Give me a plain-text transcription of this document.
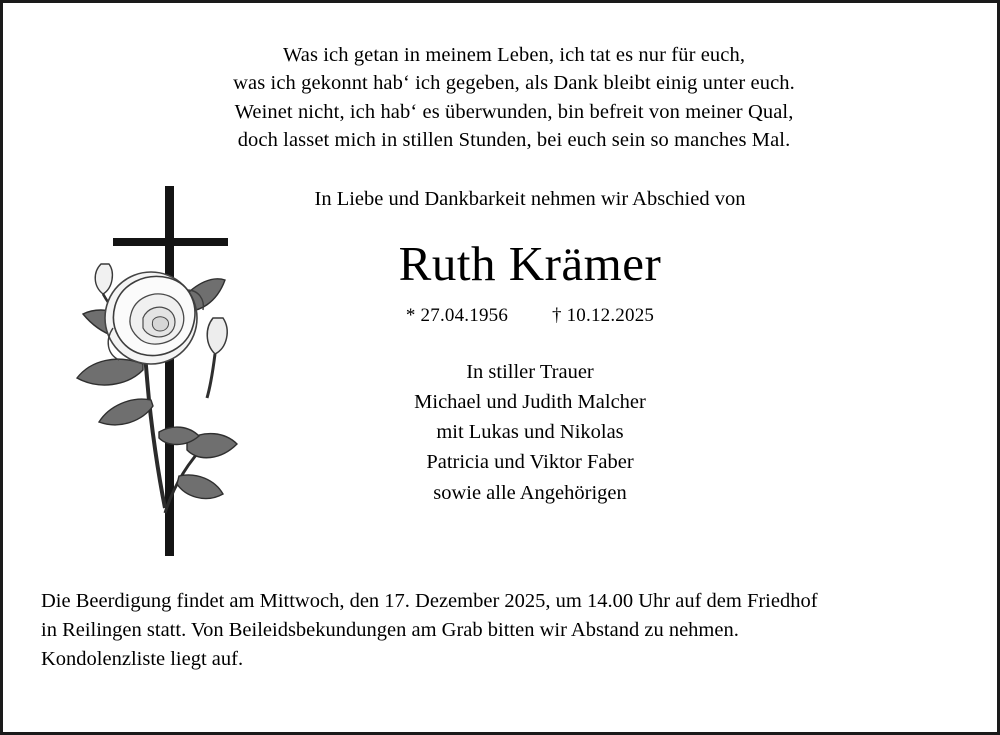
Was ich getan in meinem Leben, ich tat es nur für euch,
was ich gekonnt hab‘ ich gegeben, als Dank bleibt einig unter euch.
Weinet nicht, ich hab‘ es überwunden, bin befreit von meiner Qual,
doch lasset mich in stillen Stunden, bei euch sein so manches Mal.
In Liebe und Dankbarkeit nehmen wir Abschied von
Ruth Krämer
* 27.04.1956 † 10.12.2025
In stiller Trauer
Michael und Judith Malcher
mit Lukas und Nikolas
Patricia und Viktor Faber
sowie alle Angehörigen
Die Beerdigung findet am Mittwoch, den 17. Dezember 2025, um 14.00 Uhr auf dem Friedhof
in Reilingen statt. Von Beileidsbekundungen am Grab bitten wir Abstand zu nehmen.
Kondolenzliste liegt auf.
